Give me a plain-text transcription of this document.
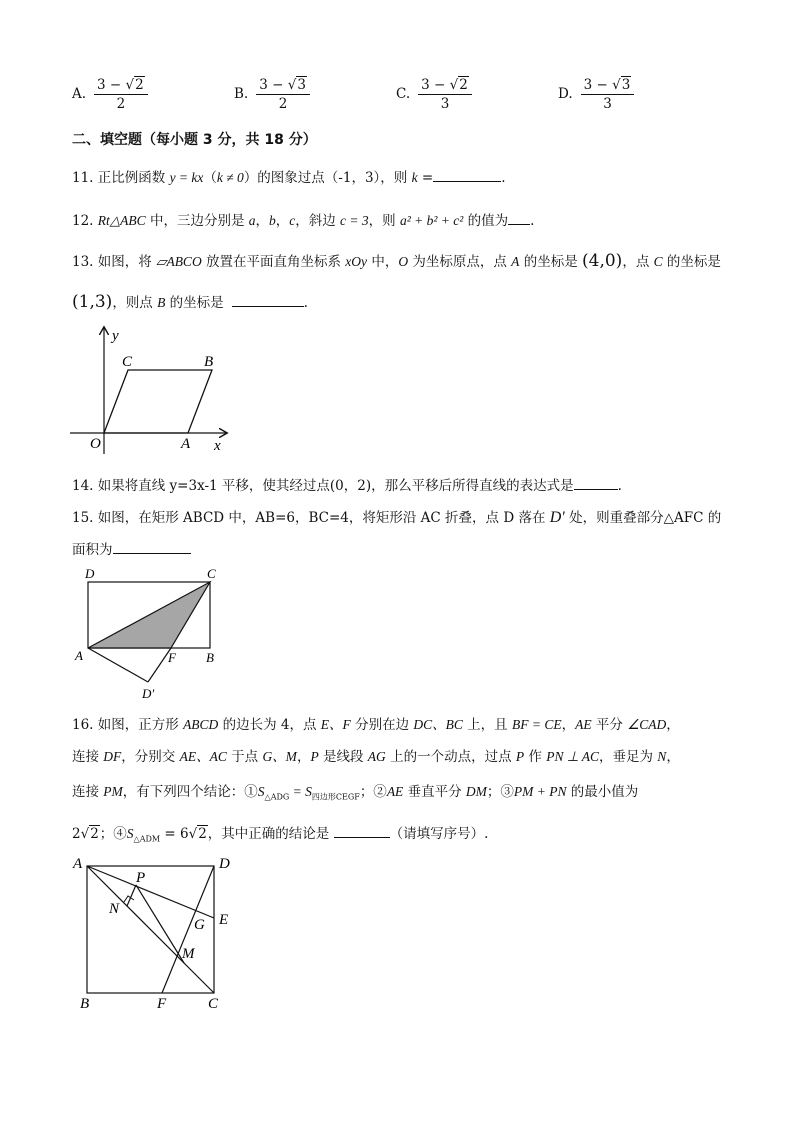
A. $\frac{3 - √2}{2}$	B. $\frac{3 - √3}{2}$	C. $\frac{3 - √2}{3}$	D. $\frac{3 - √3}{3}$
二、填空题（每小题 3 分，共 18 分）
11. 正比例函数 y = kx（k ≠ 0）的图象过点（-1，3），则 k =	.
12. Rt△ABC 中，三边分别是 a，b，c，斜边 c = 3，则 a² + b² + c² 的值为 .
13. 如图，将 ▱ABCO 放置在平面直角坐标系 xOy 中，O 为坐标原点，点 A 的坐标是 (4,0)，点 C 的坐标是
(1,3)，则点 B 的坐标是	.
y
x
O	A
B
C
14. 如果将直线 y=3x-1 平移，使其经过点(0，2)，那么平移后所得直线的表达式是	.
15. 如图，在矩形 ABCD 中，AB=6，BC=4，将矩形沿 AC 折叠，点 D 落在 D′ 处，则重叠部分△AFC 的
面积为
D	C
A	F B
D′
16. 如图，正方形 ABCD 的边长为 4，点 E、F 分别在边 DC、BC 上，且 BF = CE，AE 平分 ∠CAD，
连接 DF，分别交 AE、AC 于点 G、M，P 是线段 AG 上的一个动点，过点 P 作 PN ⊥ AC，垂足为 N，
连接 PM，有下列四个结论：$①S_{\triangle ADG} = S_{四边形CEGF}$；②AE 垂直平分 DM；③PM + PN 的最小值为
2√2；$④S_{\triangle ADM} = 6√2$，其中正确的结论是	（请填写序号）.
A	D
P
N
G E
M
B	F	C
